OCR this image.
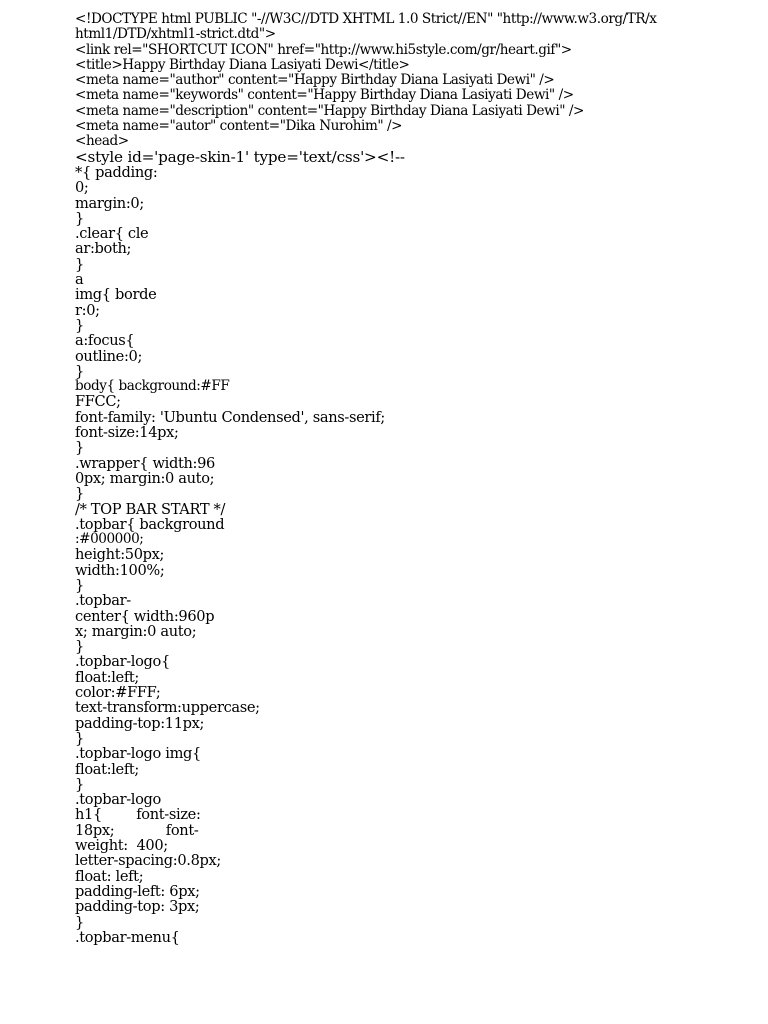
<!DOCTYPE html PUBLIC "-//W3C//DTD XHTML 1.0 Strict//EN" "http://www.w3.org/TR/x
html1/DTD/xhtml1-strict.dtd">
<link rel="SHORTCUT ICON" href="http://www.hi5style.com/gr/heart.gif">
<title>Happy Birthday Diana Lasiyati Dewi</title>
<meta name="author" content="Happy Birthday Diana Lasiyati Dewi" />
<meta name="keywords" content="Happy Birthday Diana Lasiyati Dewi" />
<meta name="description" content="Happy Birthday Diana Lasiyati Dewi" />
<meta name="autor" content="Dika Nurohim" />
<head>
<style id='page-skin-1' type='text/css'><!--
*{ padding:
0;
margin:0;
}
.clear{ cle
ar:both;
}
a
img{ borde
r:0;
}
a:focus{
outline:0;
}
body{ background:#FF
FFCC;
font-family: 'Ubuntu Condensed', sans-serif;
font-size:14px;
}
.wrapper{ width:96
0px; margin:0 auto;
}
/* TOP BAR START */
.topbar{ background
:#000000;
height:50px;
width:100%;
}
.topbar-
center{ width:960p
x; margin:0 auto;
}
.topbar-logo{
float:left;
color:#FFF;
text-transform:uppercase;
padding-top:11px;
}
.topbar-logo img{
float:left;
}
.topbar-logo
h1{        font-size:
18px;            font-
weight:  400;
letter-spacing:0.8px;
float: left;
padding-left: 6px;
padding-top: 3px;
}
.topbar-menu{
